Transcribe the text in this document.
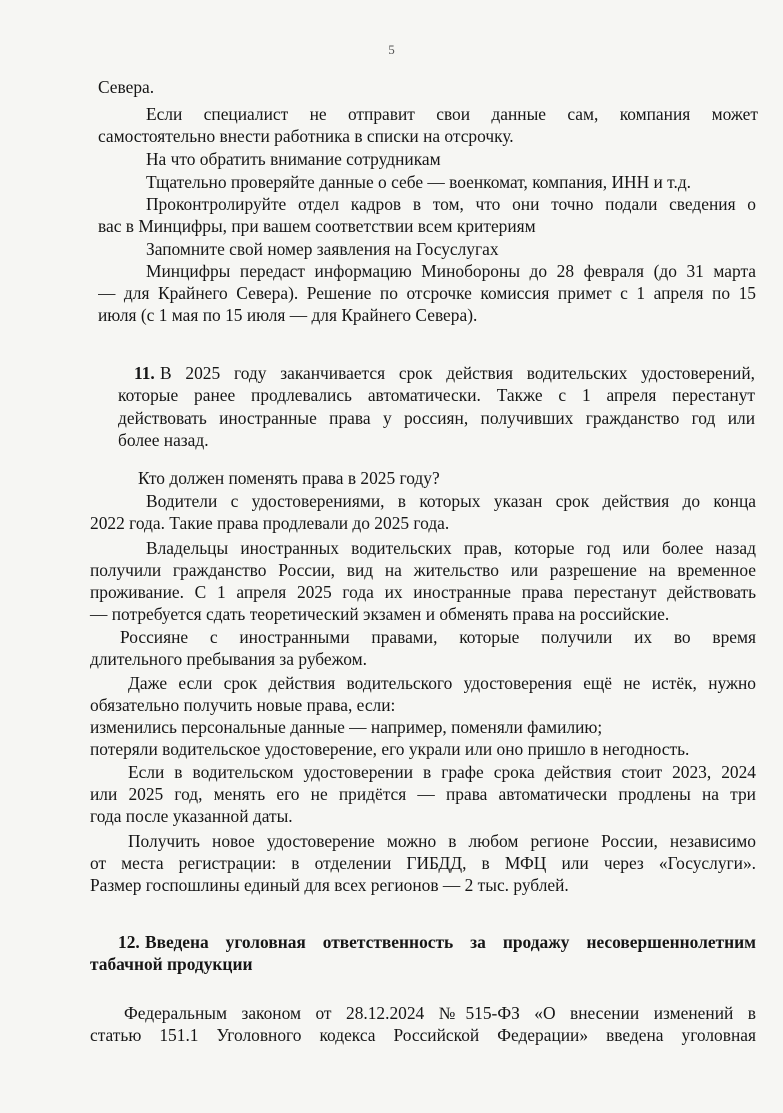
5
Севера.
Если специалист не отправит свои данные сам, компания может
самостоятельно внести работника в списки на отсрочку.
На что обратить внимание сотрудникам
Тщательно проверяйте данные о себе — военкомат, компания, ИНН и т.д.
Проконтролируйте отдел кадров в том, что они точно подали сведения о
вас в Минцифры, при вашем соответствии всем критериям
Запомните свой номер заявления на Госуслугах
Минцифры передаст информацию Минобороны до 28 февраля (до 31 марта
— для Крайнего Севера). Решение по отсрочке комиссия примет с 1 апреля по 15
июля (с 1 мая по 15 июля — для Крайнего Севера).
11. В 2025 году заканчивается срок действия водительских удостоверений,
которые ранее продлевались автоматически. Также с 1 апреля перестанут
действовать иностранные права у россиян, получивших гражданство год или
более назад.
Кто должен поменять права в 2025 году?
Водители с удостоверениями, в которых указан срок действия до конца
2022 года. Такие права продлевали до 2025 года.
Владельцы иностранных водительских прав, которые год или более назад
получили гражданство России, вид на жительство или разрешение на временное
проживание. С 1 апреля 2025 года их иностранные права перестанут действовать
— потребуется сдать теоретический экзамен и обменять права на российские.
Россияне с иностранными правами, которые получили их во время
длительного пребывания за рубежом.
Даже если срок действия водительского удостоверения ещё не истёк, нужно
обязательно получить новые права, если:
изменились персональные данные — например, поменяли фамилию;
потеряли водительское удостоверение, его украли или оно пришло в негодность.
Если в водительском удостоверении в графе срока действия стоит 2023, 2024
или 2025 год, менять его не придётся — права автоматически продлены на три
года после указанной даты.
Получить новое удостоверение можно в любом регионе России, независимо
от места регистрации: в отделении ГИБДД, в МФЦ или через «Госуслуги».
Размер госпошлины единый для всех регионов — 2 тыс. рублей.
12. Введена уголовная ответственность за продажу несовершеннолетним
табачной продукции
Федеральным законом от 28.12.2024 №515-ФЗ «О внесении изменений в
статью 151.1 Уголовного кодекса Российской Федерации» введена уголовная
